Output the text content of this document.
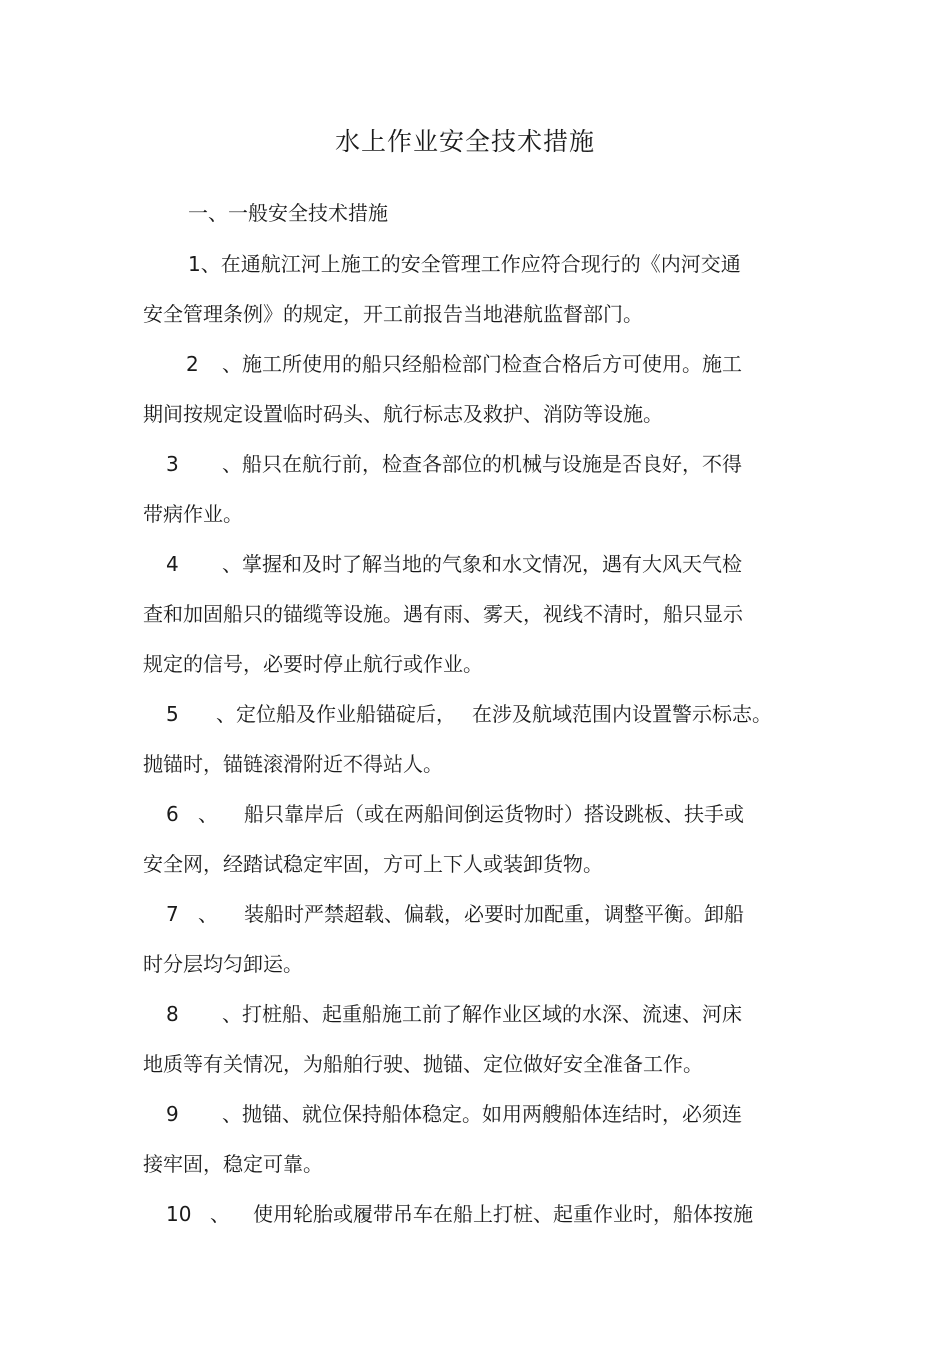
水上作业安全技术措施
一、一般安全技术措施
1、在通航江河上施工的安全管理工作应符合现行的《内河交通
安全管理条例》的规定，开工前报告当地港航监督部门。
2 、施工所使用的船只经船检部门检查合格后方可使用。施工
期间按规定设置临时码头、航行标志及救护、消防等设施。
3 、船只在航行前，检查各部位的机械与设施是否良好，不得
带病作业。
4 、掌握和及时了解当地的气象和水文情况，遇有大风天气检
查和加固船只的锚缆等设施。遇有雨、雾天，视线不清时，船只显示
规定的信号，必要时停止航行或作业。
5 、定位船及作业船锚碇后， 在涉及航域范围内设置警示标志。
抛锚时，锚链滚滑附近不得站人。
6 、 船只靠岸后（或在两船间倒运货物时）搭设跳板、扶手或
安全网，经踏试稳定牢固，方可上下人或装卸货物。
7 、 装船时严禁超载、偏载，必要时加配重，调整平衡。卸船
时分层均匀卸运。
8 、打桩船、起重船施工前了解作业区域的水深、流速、河床
地质等有关情况，为船舶行驶、抛锚、定位做好安全准备工作。
9 、抛锚、就位保持船体稳定。如用两艘船体连结时，必须连
接牢固，稳定可靠。
10 、 使用轮胎或履带吊车在船上打桩、起重作业时，船体按施
